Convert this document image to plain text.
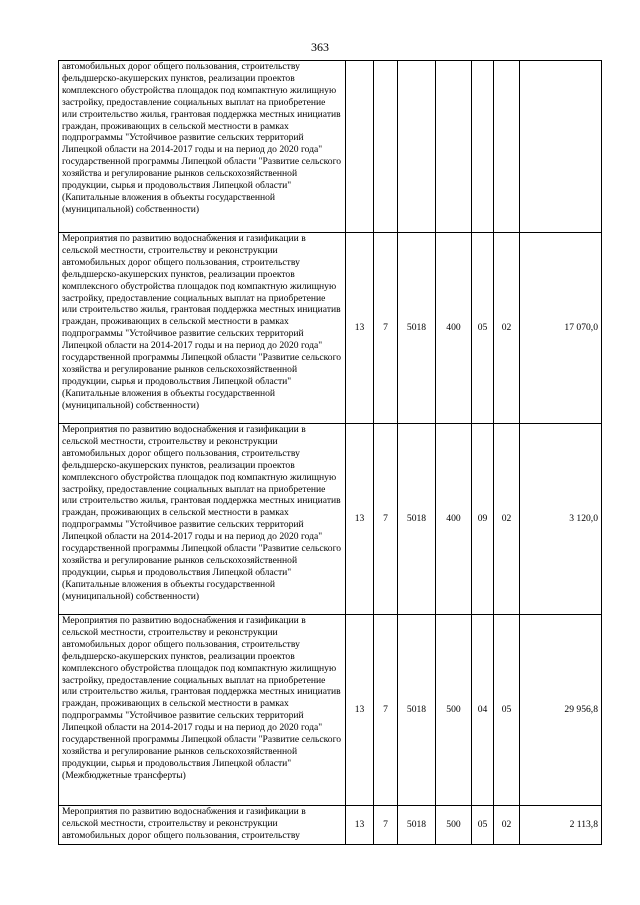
363
автомобильных дорог общего пользования, строительству фельдшерско-акушерских пунктов, реализации проектов комплексного обустройства площадок под компактную жилищную застройку, предоставление социальных выплат на приобретение или строительство жилья, грантовая поддержка местных инициатив граждан, проживающих в сельской местности в рамках подпрограммы "Устойчивое развитие сельских территорий Липецкой области на 2014-2017 годы и на период до 2020 года" государственной программы Липецкой области "Развитие сельского хозяйства и регулирование рынков сельскохозяйственной продукции, сырья и продовольствия Липецкой области" (Капитальные вложения в объекты государственной (муниципальной) собственности)							
Мероприятия по развитию водоснабжения и газификации в сельской местности, строительству и реконструкции автомобильных дорог общего пользования, строительству фельдшерско-акушерских пунктов, реализации проектов комплексного обустройства площадок под компактную жилищную застройку, предоставление социальных выплат на приобретение или строительство жилья, грантовая поддержка местных инициатив граждан, проживающих в сельской местности в рамках подпрограммы "Устойчивое развитие сельских территорий Липецкой области на 2014-2017 годы и на период до 2020 года" государственной программы Липецкой области "Развитие сельского хозяйства и регулирование рынков сельскохозяйственной продукции, сырья и продовольствия Липецкой области" (Капитальные вложения в объекты государственной (муниципальной) собственности)	13	7	5018	400	05	02	17 070,0
Мероприятия по развитию водоснабжения и газификации в сельской местности, строительству и реконструкции автомобильных дорог общего пользования, строительству фельдшерско-акушерских пунктов, реализации проектов комплексного обустройства площадок под компактную жилищную застройку, предоставление социальных выплат на приобретение или строительство жилья, грантовая поддержка местных инициатив граждан, проживающих в сельской местности в рамках подпрограммы "Устойчивое развитие сельских территорий Липецкой области на 2014-2017 годы и на период до 2020 года" государственной программы Липецкой области "Развитие сельского хозяйства и регулирование рынков сельскохозяйственной продукции, сырья и продовольствия Липецкой области" (Капитальные вложения в объекты государственной (муниципальной) собственности)	13	7	5018	400	09	02	3 120,0
Мероприятия по развитию водоснабжения и газификации в сельской местности, строительству и реконструкции автомобильных дорог общего пользования, строительству фельдшерско-акушерских пунктов, реализации проектов комплексного обустройства площадок под компактную жилищную застройку, предоставление социальных выплат на приобретение или строительство жилья, грантовая поддержка местных инициатив граждан, проживающих в сельской местности в рамках подпрограммы "Устойчивое развитие сельских территорий Липецкой области на 2014-2017 годы и на период до 2020 года" государственной программы Липецкой области "Развитие сельского хозяйства и регулирование рынков сельскохозяйственной продукции, сырья и продовольствия Липецкой области" (Межбюджетные трансферты)	13	7	5018	500	04	05	29 956,8
Мероприятия по развитию водоснабжения и газификации в сельской местности, строительству и реконструкции автомобильных дорог общего пользования, строительству	13	7	5018	500	05	02	2 113,8
